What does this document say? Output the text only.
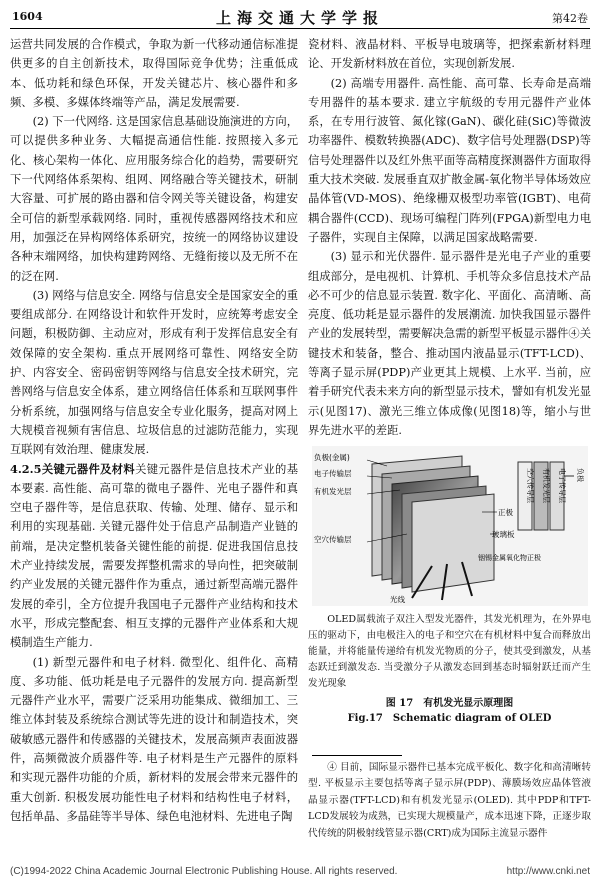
1604	上海交通大学学报	第42卷

运营共同发展的合作模式，争取为新一代移动通信标准提供更多的自主创新技术，取得国际竞争优势；注重低成本、低功耗和绿色环保，开发关键芯片、核心器件和多频、多模、多媒体终端等产品，满足发展需要.

(2) 下一代网络. 这是国家信息基础设施演进的方向，可以提供多种业务、大幅提高通信性能. 按照接入多元化、核心架构一体化、应用服务综合化的趋势，需要研究下一代网络体系架构、组网、网络融合等关键技术，研制大容量、可扩展的路由器和信令网关等关键设备，构建安全可信的新型承载网络. 同时，重视传感器网络技术和应用，加强泛在异构网络体系研究，按统一的网络协议建设各种末端网络，加快构建跨网络、无缝衔接以及无所不在的泛在网.

(3) 网络与信息安全. 网络与信息安全是国家安全的重要组成部分. 在网络设计和软件开发时，应统筹考虑安全问题，积极防御、主动应对，形成有利于发挥信息安全有效保障的安全架构. 重点开展网络可靠性、网络安全防护、内容安全、密码密钥等网络与信息安全技术研究，完善网络与信息安全体系，建立网络信任体系和互联网事件分析系统，加强网络与信息安全专业化服务，提高对网上大规模音视频有害信息、垃圾信息的过滤防范能力，实现互联网有效治理、健康发展.

4.2.5关键元器件及材料关键元器件是信息技术产业的基本要素. 高性能、高可靠的微电子器件、光电子器件和真空电子器件等，是信息获取、传输、处理、储存、显示和利用的实现基础. 关键元器件处于信息产品制造产业链的前端，是决定整机装备关键性能的前提. 促进我国信息技术产业持续发展，需要发挥整机需求的导向性，把突破制约产业发展的关键元器件作为重点，通过新型高端元器件发展的牵引，全方位提升我国电子元器件产业结构和技术水平，形成完整配套、相互支撑的元器件产业体系和大规模制造生产能力.

(1) 新型元器件和电子材料. 微型化、组件化、高精度、多功能、低功耗是电子元器件的发展方向. 提高新型元器件产业水平，需要广泛采用功能集成、微细加工、三维立体封装及系统综合测试等先进的设计和制造技术，突破敏感元器件和传感器的关键技术，发展高频声表面波器件，高频微波介质器件等. 电子材料是生产元器件的原料和实现元器件功能的介质，新材料的发展会带来元器件的重大创新. 积极发展功能性电子材料和结构性电子材料，包括单晶、多晶硅等半导体、绿色电池材料、先进电子陶

瓷材料、液晶材料、平板导电玻璃等，把探索新材料理论、开发新材料放在首位，实现创新发展.

(2) 高端专用器件. 高性能、高可靠、长寿命是高端专用器件的基本要求. 建立宇航级的专用元器件产业体系，在专用行波管、氮化镓(GaN)、碳化硅(SiC)等微波功率器件、模数转换器(ADC)、数字信号处理器(DSP)等信号处理器件以及红外焦平面等高精度探测器件方面取得重大技术突破. 发展垂直双扩散金属-氧化物半导体场效应晶体管(VD-MOS)、绝缘栅双极型功率管(IGBT)、电荷耦合器件(CCD)、现场可编程门阵列(FPGA)新型电力电子器件，实现自主保障，以满足国家战略需要.

(3) 显示和光伏器件. 显示器件是光电子产业的重要组成部分，是电视机、计算机、手机等众多信息技术产品必不可少的信息显示装置. 数字化、平面化、高清晰、高亮度、低功耗是显示器件的发展潮流. 加快我国显示器件产业的发展转型，需要解决急需的新型平板显示器件④关键技术和装备，整合、推动国内液晶显示(TFT-LCD)、等离子显示屏(PDP)产业更其上规模、上水平. 当前，应着手研究代表未来方向的新型显示技术，譬如有机发光显示(见图17)、激光三维立体成像(见图18)等，缩小与世界先进水平的差距.

负极(金属)
电子传输层
有机发光层
空穴传输层
光线
正极
玻璃板
铟锡金属氧化物正极
空穴传导层 有机发光层 电子传导层 负极

OLED属载流子双注入型发光器件，其发光机理为，在外界电压的驱动下，由电极注入的电子和空穴在有机材料中复合而释放出能量，并将能量传递给有机发光物质的分子，使其受到激发，从基态跃迁到激发态. 当受激分子从激发态回到基态时辐射跃迁而产生发光现象

图 17　有机发光显示原理图
Fig.17　Schematic diagram of OLED

④ 目前，国际显示器件已基本完成平板化、数字化和高清晰转型. 平板显示主要包括等离子显示屏(PDP)、薄膜场效应晶体管液晶显示器(TFT-LCD)和有机发光显示(OLED). 其中PDP和TFT-LCD发展较为成熟，已实现大规模量产，成本迅速下降，正逐步取代传统的阴极射线管显示器(CRT)成为国际主流显示器件

(C)1994-2022 China Academic Journal Electronic Publishing House. All rights reserved.	http://www.cnki.net
